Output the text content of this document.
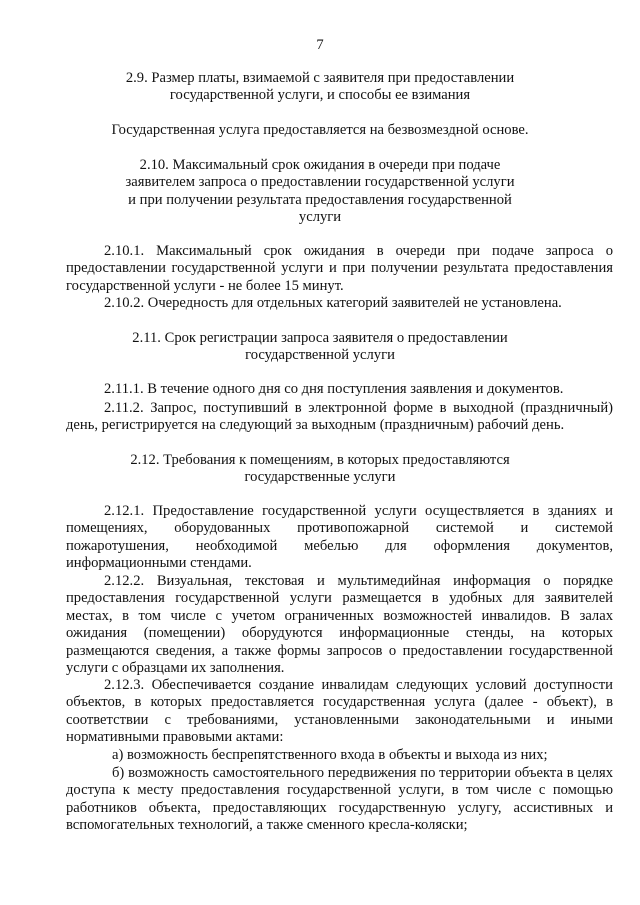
7
2.9. Размер платы, взимаемой с заявителя при предоставлении
государственной услуги, и способы ее взимания
Государственная услуга предоставляется на безвозмездной основе.
2.10. Максимальный срок ожидания в очереди при подаче
заявителем запроса о предоставлении государственной услуги
и при получении результата предоставления государственной
услуги
2.10.1. Максимальный срок ожидания в очереди при подаче запроса о
предоставлении государственной услуги и при получении результата предоставления
государственной услуги - не более 15 минут.
2.10.2. Очередность для отдельных категорий заявителей не установлена.
2.11. Срок регистрации запроса заявителя о предоставлении
государственной услуги
2.11.1. В течение одного дня со дня поступления заявления и документов.
2.11.2. Запрос, поступивший в электронной форме в выходной (праздничный)
день, регистрируется на следующий за выходным (праздничным) рабочий день.
2.12. Требования к помещениям, в которых предоставляются
государственные услуги
2.12.1. Предоставление государственной услуги осуществляется в зданиях и
помещениях, оборудованных противопожарной системой и системой
пожаротушения, необходимой мебелью для оформления документов,
информационными стендами.
2.12.2. Визуальная, текстовая и мультимедийная информация о порядке
предоставления государственной услуги размещается в удобных для заявителей
местах, в том числе с учетом ограниченных возможностей инвалидов. В залах
ожидания (помещении) оборудуются информационные стенды, на которых
размещаются сведения, а также формы запросов о предоставлении государственной
услуги с образцами их заполнения.
2.12.3. Обеспечивается создание инвалидам следующих условий доступности
объектов, в которых предоставляется государственная услуга (далее - объект), в
соответствии с требованиями, установленными законодательными и иными
нормативными правовыми актами:
а) возможность беспрепятственного входа в объекты и выхода из них;
б) возможность самостоятельного передвижения по территории объекта в целях
доступа к месту предоставления государственной услуги, в том числе с помощью
работников объекта, предоставляющих государственную услугу, ассистивных и
вспомогательных технологий, а также сменного кресла-коляски;
